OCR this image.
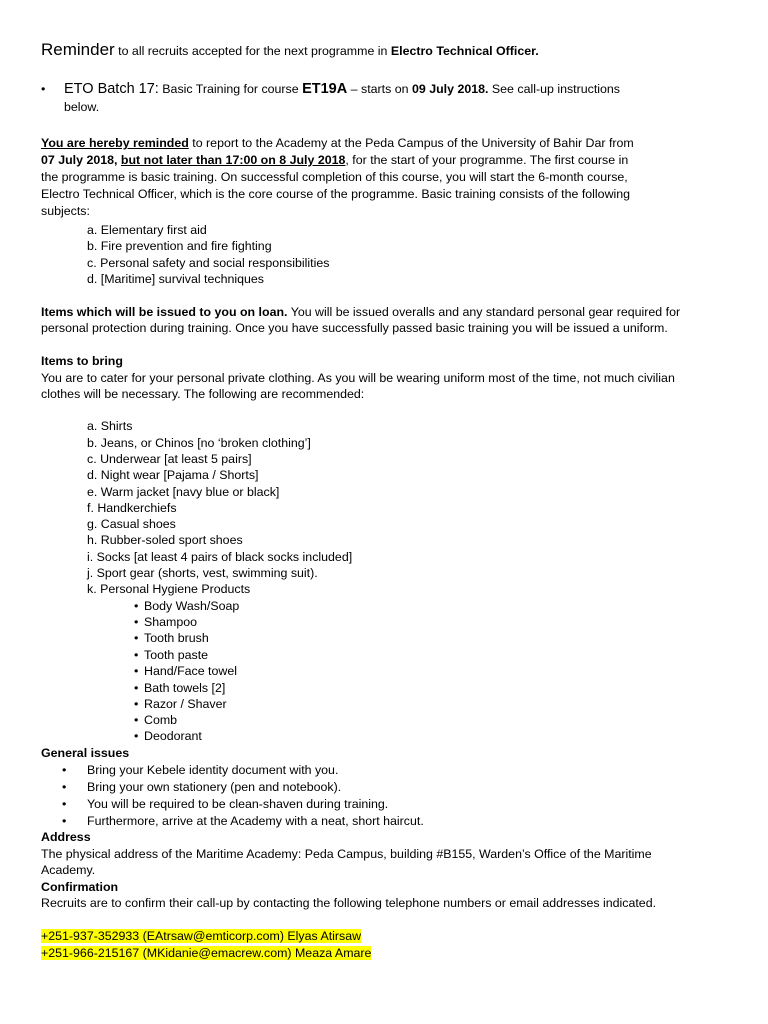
Reminder to all recruits accepted for the next programme in Electro Technical Officer.
• ETO Batch 17: Basic Training for course ET19A – starts on 09 July 2018. See call-up instructions
below.
You are hereby reminded to report to the Academy at the Peda Campus of the University of Bahir Dar from
07 July 2018, but not later than 17:00 on 8 July 2018, for the start of your programme. The first course in
the programme is basic training. On successful completion of this course, you will start the 6-month course,
Electro Technical Officer, which is the core course of the programme. Basic training consists of the following
subjects:
a. Elementary first aid
b. Fire prevention and fire fighting
c. Personal safety and social responsibilities
d. [Maritime] survival techniques
Items which will be issued to you on loan. You will be issued overalls and any standard personal gear required for
personal protection during training. Once you have successfully passed basic training you will be issued a uniform.
Items to bring
You are to cater for your personal private clothing. As you will be wearing uniform most of the time, not much civilian
clothes will be necessary. The following are recommended:
a. Shirts
b. Jeans, or Chinos [no ‘broken clothing’]
c. Underwear [at least 5 pairs]
d. Night wear [Pajama / Shorts]
e. Warm jacket [navy blue or black]
f. Handkerchiefs
g. Casual shoes
h. Rubber-soled sport shoes
i. Socks [at least 4 pairs of black socks included]
j. Sport gear (shorts, vest, swimming suit).
k. Personal Hygiene Products
• Body Wash/Soap
• Shampoo
• Tooth brush
• Tooth paste
• Hand/Face towel
• Bath towels [2]
• Razor / Shaver
• Comb
• Deodorant
General issues
• Bring your Kebele identity document with you.
• Bring your own stationery (pen and notebook).
• You will be required to be clean-shaven during training.
• Furthermore, arrive at the Academy with a neat, short haircut.
Address
The physical address of the Maritime Academy: Peda Campus, building #B155, Warden’s Office of the Maritime
Academy.
Confirmation
Recruits are to confirm their call-up by contacting the following telephone numbers or email addresses indicated.
+251-937-352933 (EAtrsaw@emticorp.com) Elyas Atirsaw
+251-966-215167 (MKidanie@emacrew.com) Meaza Amare
